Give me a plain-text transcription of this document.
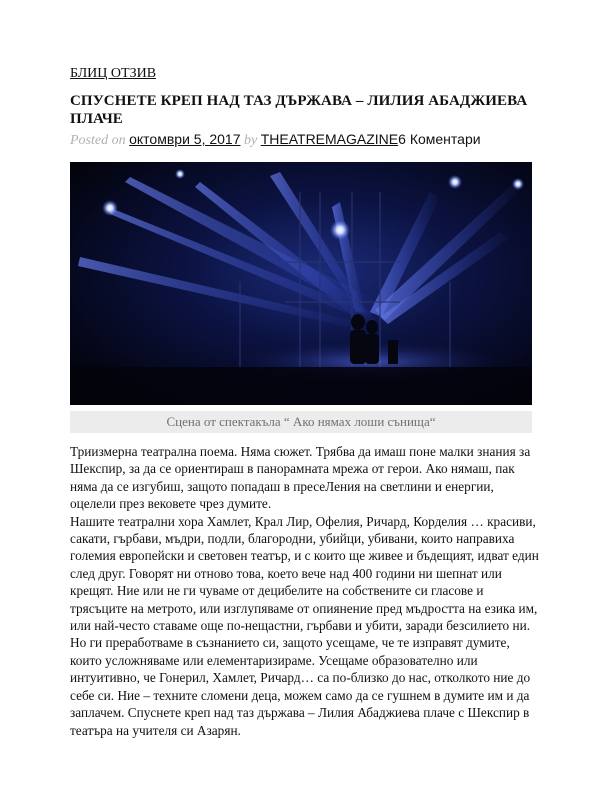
БЛИЦ ОТЗИВ
СПУСНЕТЕ КРЕП НАД ТАЗ ДЪРЖАВА – ЛИЛИЯ АБАДЖИЕВА ПЛАЧЕ
Posted on октомври 5, 2017 by THEATREMAGAZINE6 Коментари
Сцена от спектакъла “ Ако нямах лоши сънища“
Триизмерна театрална поема. Няма сюжет. Трябва да имаш поне малки знания за Шекспир, за да се ориентираш в панорамната мрежа от герои. Ако нямаш, пак няма да се изгубиш, защото попадаш в пресеЛения на светлини и енергии, оцелели през вековете чрез думите.
Нашите театрални хора Хамлет, Крал Лир, Офелия, Ричард, Корделия … красиви, сакати, гърбави, мъдри, подли, благородни, убийци, убивани, които направиха големия европейски и световен театър, и с които ще живее и бъдещият, идват един след друг. Говорят ни отново това, което вече над 400 години ни шепнат или крещят. Ние или не ги чуваме от децибелите на собствените си гласове и трясъците на метрото, или изглупяваме от опиянение пред мъдростта на езика им, или най-често ставаме още по-нещастни, гърбави и убити, заради безсилието ни. Но ги преработваме в съзнанието си, защото усещаме, че те изправят думите, които усложняваме или елементаризираме. Усещаме образователно или интуитивно, че Гонерил, Хамлет, Ричард… са по-близко до нас, отколкото ние до себе си. Ние – техните сломени деца, можем само да се гушнем в думите им и да заплачем. Спуснете креп над таз държава – Лилия Абаджиева плаче с Шекспир в театъра на учителя си Азарян.
